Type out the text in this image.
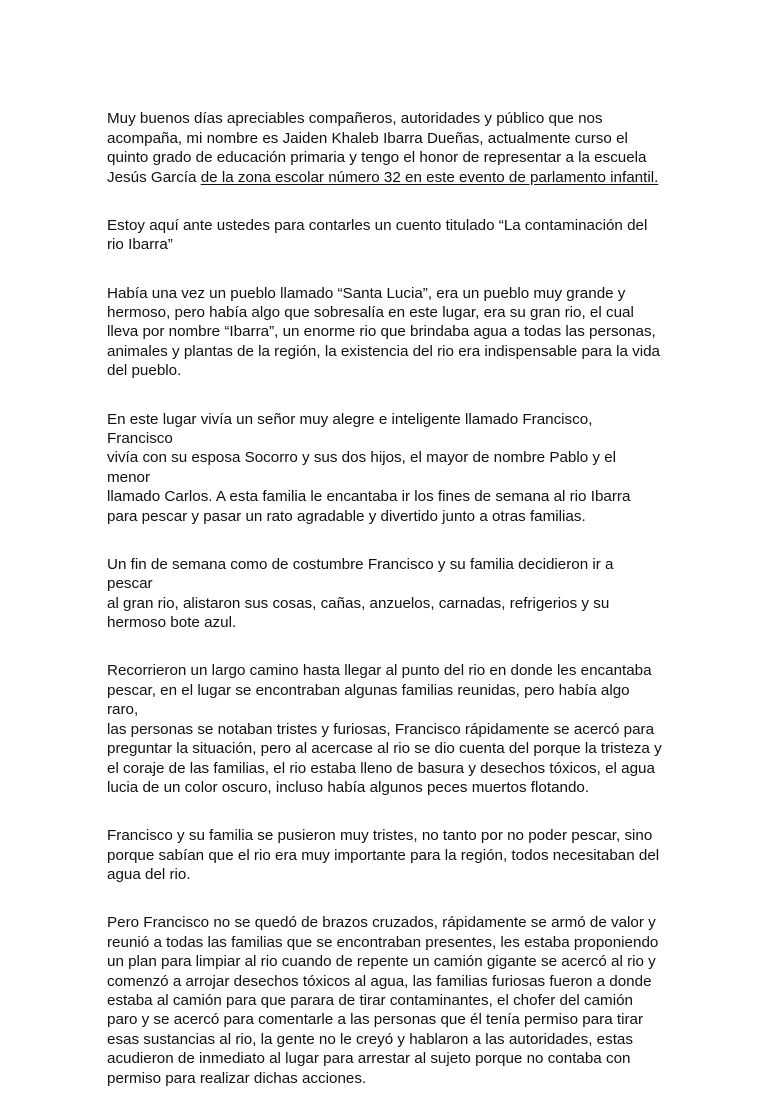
Muy buenos días apreciables compañeros, autoridades y público que nos
acompaña, mi nombre es Jaiden Khaleb Ibarra Dueñas, actualmente curso el
quinto grado de educación primaria y tengo el honor de representar a la escuela
Jesús García de la zona escolar número 32 en este evento de parlamento infantil.

Estoy aquí ante ustedes para contarles un cuento titulado “La contaminación del
rio Ibarra”

Había una vez un pueblo llamado “Santa Lucia”, era un pueblo muy grande y
hermoso, pero había algo que sobresalía en este lugar, era su gran rio, el cual
lleva por nombre “Ibarra”, un enorme rio que brindaba agua a todas las personas,
animales y plantas de la región, la existencia del rio era indispensable para la vida
del pueblo.

En este lugar vivía un señor muy alegre e inteligente llamado Francisco, Francisco
vivía con su esposa Socorro y sus dos hijos, el mayor de nombre Pablo y el menor
llamado Carlos. A esta familia le encantaba ir los fines de semana al rio Ibarra
para pescar y pasar un rato agradable y divertido junto a otras familias.

Un fin de semana como de costumbre Francisco y su familia decidieron ir a pescar
al gran rio, alistaron sus cosas, cañas, anzuelos, carnadas, refrigerios y su
hermoso bote azul.

Recorrieron un largo camino hasta llegar al punto del rio en donde les encantaba
pescar, en el lugar se encontraban algunas familias reunidas, pero había algo raro,
las personas se notaban tristes y furiosas, Francisco rápidamente se acercó para
preguntar la situación, pero al acercase al rio se dio cuenta del porque la tristeza y
el coraje de las familias, el rio estaba lleno de basura y desechos tóxicos, el agua
lucia de un color oscuro, incluso había algunos peces muertos flotando.

Francisco y su familia se pusieron muy tristes, no tanto por no poder pescar, sino
porque sabían que el rio era muy importante para la región, todos necesitaban del
agua del rio.

Pero Francisco no se quedó de brazos cruzados, rápidamente se armó de valor y
reunió a todas las familias que se encontraban presentes, les estaba proponiendo
un plan para limpiar al rio cuando de repente un camión gigante se acercó al rio y
comenzó a arrojar desechos tóxicos al agua, las familias furiosas fueron a donde
estaba al camión para que parara de tirar contaminantes, el chofer del camión
paro y se acercó para comentarle a las personas que él tenía permiso para tirar
esas sustancias al rio, la gente no le creyó y hablaron a las autoridades, estas
acudieron de inmediato al lugar para arrestar al sujeto porque no contaba con
permiso para realizar dichas acciones.
